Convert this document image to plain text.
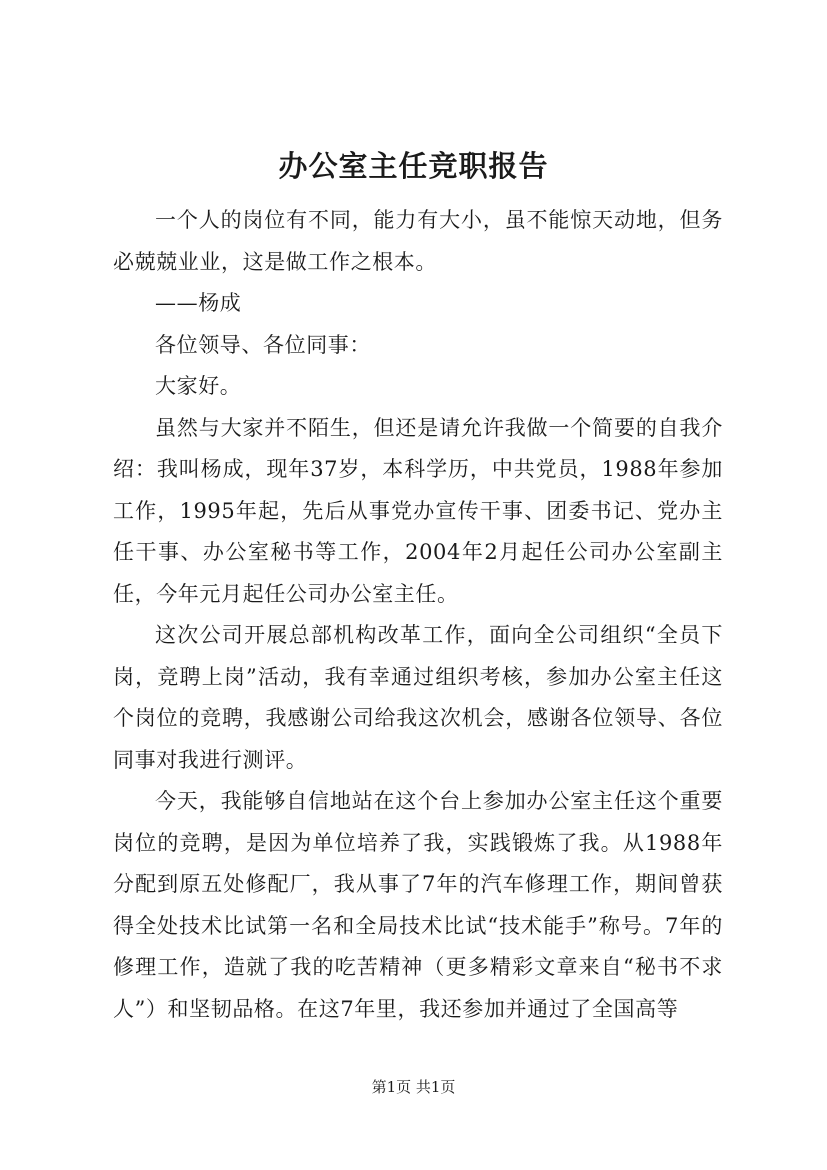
办公室主任竞职报告

一个人的岗位有不同，能力有大小，虽不能惊天动地，但务必兢兢业业，这是做工作之根本。

——杨成

各位领导、各位同事：

大家好。

虽然与大家并不陌生，但还是请允许我做一个简要的自我介绍：我叫杨成，现年37岁，本科学历，中共党员，1988年参加工作，1995年起，先后从事党办宣传干事、团委书记、党办主任干事、办公室秘书等工作，2004年2月起任公司办公室副主任，今年元月起任公司办公室主任。

这次公司开展总部机构改革工作，面向全公司组织“全员下岗，竞聘上岗”活动，我有幸通过组织考核，参加办公室主任这个岗位的竞聘，我感谢公司给我这次机会，感谢各位领导、各位同事对我进行测评。

今天，我能够自信地站在这个台上参加办公室主任这个重要岗位的竞聘，是因为单位培养了我，实践锻炼了我。从1988年分配到原五处修配厂，我从事了7年的汽车修理工作，期间曾获得全处技术比试第一名和全局技术比试“技术能手”称号。7年的修理工作，造就了我的吃苦精神（更多精彩文章来自“秘书不求人”）和坚韧品格。在这7年里，我还参加并通过了全国高等

第1页 共1页
